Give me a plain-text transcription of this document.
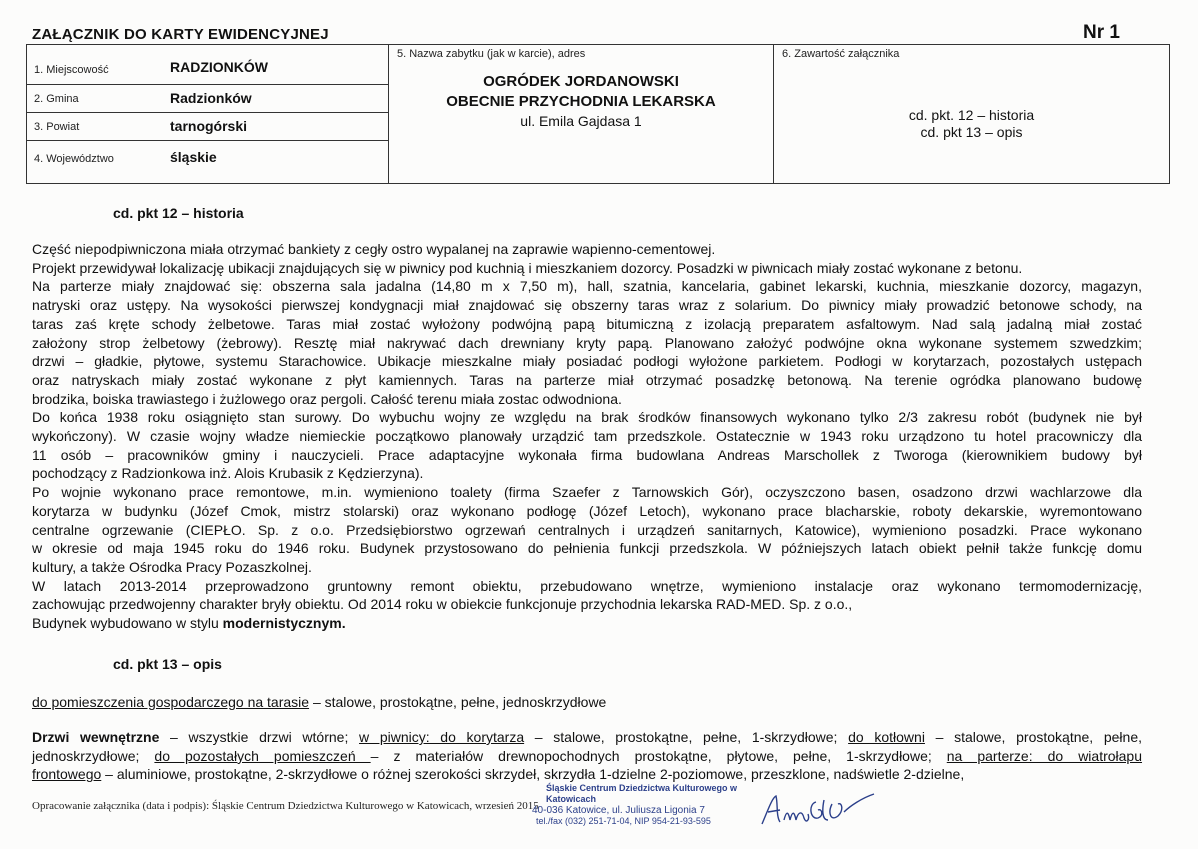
ZAŁĄCZNIK DO KARTY EWIDENCYJNEJ	Nr 1
1. Miejscowość	RADZIONKÓW
2. Gmina	Radzionków
3. Powiat	tarnogórski
4. Województwo	śląskie
5. Nazwa zabytku (jak w karcie), adres
OGRÓDEK JORDANOWSKI
OBECNIE PRZYCHODNIA LEKARSKA
ul. Emila Gajdasa 1
6. Zawartość załącznika
cd. pkt. 12 – historia
cd. pkt 13 – opis
cd. pkt 12 – historia
Część niepodpiwniczona miała otrzymać bankiety z cegły ostro wypalanej na zaprawie wapienno-cementowej.
Projekt przewidywał lokalizację ubikacji znajdujących się w piwnicy pod kuchnią i mieszkaniem dozorcy. Posadzki w piwnicach miały zostać wykonane z betonu.
Na parterze miały znajdować się: obszerna sala jadalna (14,80 m x 7,50 m), hall, szatnia, kancelaria, gabinet lekarski, kuchnia, mieszkanie dozorcy, magazyn,
natryski oraz ustępy. Na wysokości pierwszej kondygnacji miał znajdować się obszerny taras wraz z solarium. Do piwnicy miały prowadzić betonowe schody, na
taras zaś kręte schody żelbetowe. Taras miał zostać wyłożony podwójną papą bitumiczną z izolacją preparatem asfaltowym. Nad salą jadalną miał zostać
założony strop żelbetowy (żebrowy). Resztę miał nakrywać dach drewniany kryty papą. Planowano założyć podwójne okna wykonane systemem szwedzkim;
drzwi – gładkie, płytowe, systemu Starachowice. Ubikacje mieszkalne miały posiadać podłogi wyłożone parkietem. Podłogi w korytarzach, pozostałych ustępach
oraz natryskach miały zostać wykonane z płyt kamiennych. Taras na parterze miał otrzymać posadzkę betonową. Na terenie ogródka planowano budowę
brodzika, boiska trawiastego i żużlowego oraz pergoli. Całość terenu miała zostac odwodniona.
Do końca 1938 roku osiągnięto stan surowy. Do wybuchu wojny ze względu na brak środków finansowych wykonano tylko 2/3 zakresu robót (budynek nie był
wykończony). W czasie wojny władze niemieckie początkowo planowały urządzić tam przedszkole. Ostatecznie w 1943 roku urządzono tu hotel pracowniczy dla
11 osób – pracowników gminy i nauczycieli. Prace adaptacyjne wykonała firma budowlana Andreas Marschollek z Tworoga (kierownikiem budowy był
pochodzący z Radzionkowa inż. Alois Krubasik z Kędzierzyna).
Po wojnie wykonano prace remontowe, m.in. wymieniono toalety (firma Szaefer z Tarnowskich Gór), oczyszczono basen, osadzono drzwi wachlarzowe dla
korytarza w budynku (Józef Cmok, mistrz stolarski) oraz wykonano podłogę (Józef Letoch), wykonano prace blacharskie, roboty dekarskie, wyremontowano
centralne ogrzewanie (CIEPŁO. Sp. z o.o. Przedsiębiorstwo ogrzewań centralnych i urządzeń sanitarnych, Katowice), wymieniono posadzki. Prace wykonano
w okresie od maja 1945 roku do 1946 roku. Budynek przystosowano do pełnienia funkcji przedszkola. W późniejszych latach obiekt pełnił także funkcję domu
kultury, a także Ośrodka Pracy Pozaszkolnej.
W latach 2013-2014 przeprowadzono gruntowny remont obiektu, przebudowano wnętrze, wymieniono instalacje oraz wykonano termomodernizację,
zachowując przedwojenny charakter bryły obiektu. Od 2014 roku w obiekcie funkcjonuje przychodnia lekarska RAD-MED. Sp. z o.o.,
Budynek wybudowano w stylu modernistycznym.
cd. pkt 13 – opis
do pomieszczenia gospodarczego na tarasie – stalowe, prostokątne, pełne, jednoskrzydłowe
Drzwi wewnętrzne – wszystkie drzwi wtórne; w piwnicy: do korytarza – stalowe, prostokątne, pełne, 1-skrzydłowe; do kotłowni – stalowe, prostokątne, pełne,
jednoskrzydłowe; do pozostałych pomieszczeń – z materiałów drewnopochodnych prostokątne, płytowe, pełne, 1-skrzydłowe; na parterze: do wiatrołapu
frontowego – aluminiowe, prostokątne, 2-skrzydłowe o różnej szerokości skrzydeł, skrzydła 1-dzielne 2-poziomowe, przeszklone, nadświetle 2-dzielne,
Opracowanie załącznika (data i podpis): Śląskie Centrum Dziedzictwa Kulturowego w Katowicach, wrzesień 2015
Śląskie Centrum Dziedzictwa Kulturowego w Katowicach
40-036 Katowice, ul. Juliusza Ligonia 7
tel./fax (032) 251-71-04, NIP 954-21-93-595
